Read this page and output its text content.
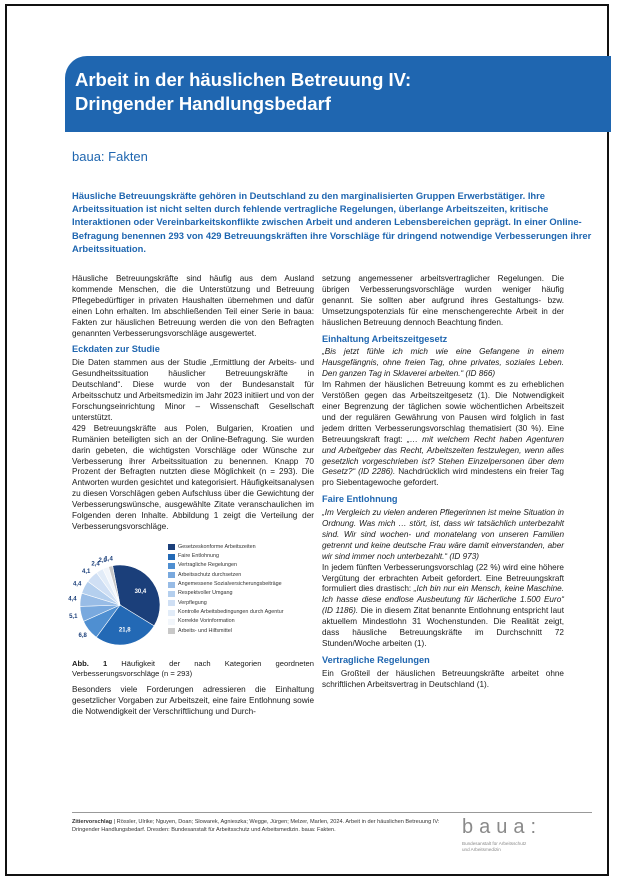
Arbeit in der häuslichen Betreuung IV:
Dringender Handlungsbedarf
baua: Fakten
Häusliche Betreuungskräfte gehören in Deutschland zu den marginalisierten Gruppen Erwerbstätiger. Ihre Arbeitssituation ist nicht selten durch fehlende vertragliche Regelungen, überlange Arbeitszeiten, kritische Interaktionen oder Vereinbarkeitskonflikte zwischen Arbeit und anderen Lebensbereichen geprägt. In einer Online-Befragung benennen 293 von 429 Betreuungskräften ihre Vorschläge für dringend notwendige Verbesserungen ihrer Arbeitssituation.

Häusliche Betreuungskräfte sind häufig aus dem Ausland kommende Menschen, die die Unterstützung und Betreuung Pflegebedürftiger in privaten Haushalten übernehmen und dafür einen Lohn erhalten. Im abschließenden Teil einer Serie in baua: Fakten zur häuslichen Betreuung werden die von den Befragten genannten Verbesserungsvorschläge ausgewertet.

Eckdaten zur Studie

Die Daten stammen aus der Studie „Ermittlung der Arbeits- und Gesundheitssituation häuslicher Betreuungskräfte in Deutschland“. Diese wurde von der Bundesanstalt für Arbeitsschutz und Arbeitsmedizin im Jahr 2023 initiiert und von der Forschungseinrichtung Minor – Wissenschaft Gesellschaft unterstützt.

429 Betreuungskräfte aus Polen, Bulgarien, Kroatien und Rumänien beteiligten sich an der Online-Befragung. Sie wurden darin gebeten, die wichtigsten Vorschläge oder Wünsche zur Verbesserung ihrer Arbeitssituation zu benennen. Knapp 70 Prozent der Befragten nutzten diese Möglichkeit (n = 293). Die Antworten wurden gesichtet und kategorisiert. Häufigkeitsanalysen zu diesen Vorschlägen geben Aufschluss über die Gewichtung der Verbesserungswünsche, ausgewählte Zitate veranschaulichen im Folgenden deren Inhalte. Abbildung 1 zeigt die Verteilung der Verbesserungsvorschläge.

30,4
21,8
6,8
5,1
4,4
4,4
4,1
2,4
2,0
1,4
Gesetzeskonforme Arbeitszeiten
Faire Entlohnung
Vertragliche Regelungen
Arbeitsschutz durchsetzen
Angemessene Sozialversicherungsbeiträge
Respektvoller Umgang
Verpflegung
Kontrolle Arbeitsbedingungen durch Agentur
Korrekte Vorinformation
Arbeits- und Hilfsmittel

Abb. 1 Häufigkeit der nach Kategorien geordneten Verbesserungsvorschläge (n = 293)

Besonders viele Forderungen adressieren die Einhaltung gesetzlicher Vorgaben zur Arbeitszeit, eine faire Entlohnung sowie die Notwendigkeit der Verschriftlichung und Durch-

setzung angemessener arbeitsvertraglicher Regelungen. Die übrigen Verbesserungsvorschläge wurden weniger häufig genannt. Sie sollten aber aufgrund ihres Gestaltungs- bzw. Umsetzungspotenzials für eine menschengerechte Arbeit in der häuslichen Betreuung dennoch Beachtung finden.

Einhaltung Arbeitszeitgesetz

„Bis jetzt fühle ich mich wie eine Gefangene in einem Hausgefängnis, ohne freien Tag, ohne privates, soziales Leben. Den ganzen Tag in Sklaverei arbeiten.“ (ID 866)

Im Rahmen der häuslichen Betreuung kommt es zu erheblichen Verstößen gegen das Arbeitszeitgesetz (1). Die Notwendigkeit einer Begrenzung der täglichen sowie wöchentlichen Arbeitszeit und der regulären Gewährung von Pausen wird folglich in fast jedem dritten Verbesserungsvorschlag thematisiert (30 %). Eine Betreuungskraft fragt: „… mit welchem Recht haben Agenturen und Arbeitgeber das Recht, Arbeitszeiten festzulegen, wenn alles gesetzlich vorgeschrieben ist? Stehen Einzelpersonen über dem Gesetz?“ (ID 2286). Nachdrücklich wird mindestens ein freier Tag pro Siebentagewoche gefordert.

Faire Entlohnung

„Im Vergleich zu vielen anderen Pflegerinnen ist meine Situation in Ordnung. Was mich … stört, ist, dass wir tatsächlich unterbezahlt sind. Wir sind wochen- und monatelang von unseren Familien getrennt und keine deutsche Frau wäre damit einverstanden, aber wir sind immer noch unterbezahlt.“ (ID 973)

In jedem fünften Verbesserungsvorschlag (22 %) wird eine höhere Vergütung der erbrachten Arbeit gefordert. Eine Betreuungskraft formuliert dies drastisch: „Ich bin nur ein Mensch, keine Maschine. Ich hasse diese endlose Ausbeutung für lächerliche 1.500 Euro“ (ID 1186). Die in diesem Zitat benannte Entlohnung entspricht laut aktuellem Mindestlohn 31 Wochenstunden. Die Realität zeigt, dass häusliche Betreuungskräfte im Durchschnitt 72 Stunden/Woche arbeiten (1).

Vertragliche Regelungen

Ein Großteil der häuslichen Betreuungskräfte arbeitet ohne schriftlichen Arbeitsvertrag in Deutschland (1).

Zitiervorschlag | Rössler, Ulrike; Nguyen, Doan; Slowarek, Agnieszka; Wegge, Jürgen; Melzer, Marlen, 2024. Arbeit in der häuslichen Betreuung IV: Dringender Handlungsbedarf. Dresden: Bundesanstalt für Arbeitsschutz und Arbeitsmedizin. baua: Fakten.	baua:
Bundesanstalt für Arbeitsschutz
und Arbeitsmedizin
